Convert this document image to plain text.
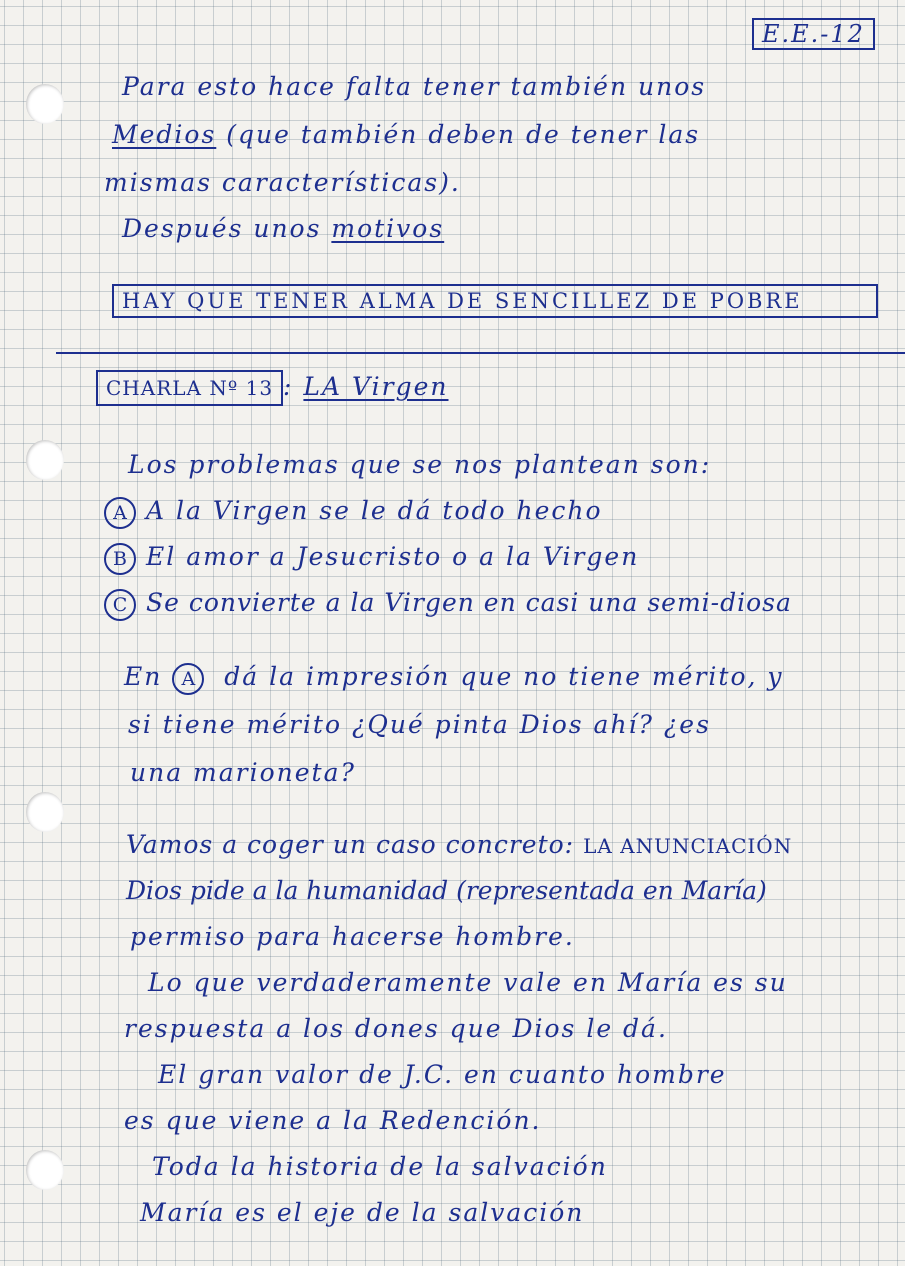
E.E.-12
Para esto hace falta tener también unos
Medios (que también deben de tener las
mismas características).
Después unos motivos
HAY QUE TENER ALMA DE SENCILLEZ DE POBRE
CHARLA Nº 13 : LA Virgen
Los problemas que se nos plantean son:
A A la Virgen se le dá todo hecho
B El amor a Jesucristo o a la Virgen
C Se convierte a la Virgen en casi una semi-diosa
En A dá la impresión que no tiene mérito, y
si tiene mérito ¿Qué pinta Dios ahí? ¿es
una marioneta?
Vamos a coger un caso concreto: LA ANUNCIACIÓN
Dios pide a la humanidad (representada en María)
permiso para hacerse hombre.
Lo que verdaderamente vale en María es su
respuesta a los dones que Dios le dá.
El gran valor de J.C. en cuanto hombre
es que viene a la Redención.
Toda la historia de la salvación
María es el eje de la salvación
